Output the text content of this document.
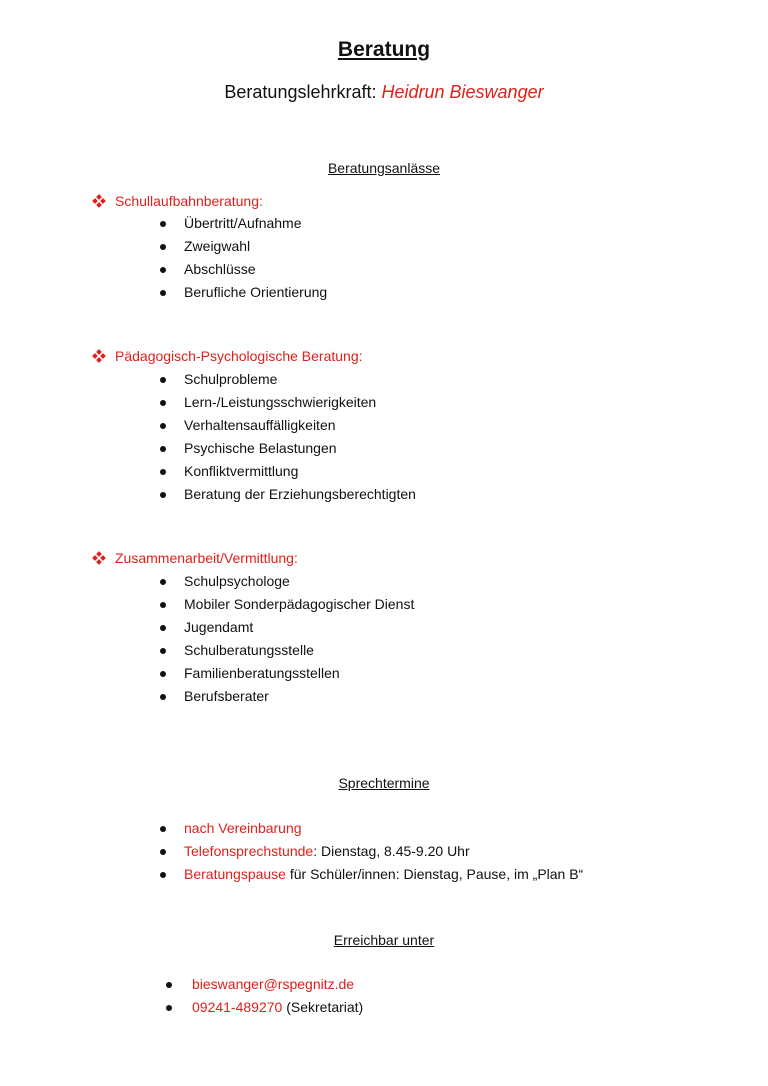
Beratung
Beratungslehrkraft: Heidrun Bieswanger
Beratungsanlässe
Schullaufbahnberatung:
Übertritt/Aufnahme
Zweigwahl
Abschlüsse
Berufliche Orientierung
Pädagogisch-Psychologische Beratung:
Schulprobleme
Lern-/Leistungsschwierigkeiten
Verhaltensauffälligkeiten
Psychische Belastungen
Konfliktvermittlung
Beratung der Erziehungsberechtigten
Zusammenarbeit/Vermittlung:
Schulpsychologe
Mobiler Sonderpädagogischer Dienst
Jugendamt
Schulberatungsstelle
Familienberatungsstellen
Berufsberater
Sprechtermine
nach Vereinbarung
Telefonsprechstunde: Dienstag, 8.45-9.20 Uhr
Beratungspause für Schüler/innen: Dienstag, Pause, im „Plan B“
Erreichbar unter
bieswanger@rspegnitz.de
09241-489270 (Sekretariat)
